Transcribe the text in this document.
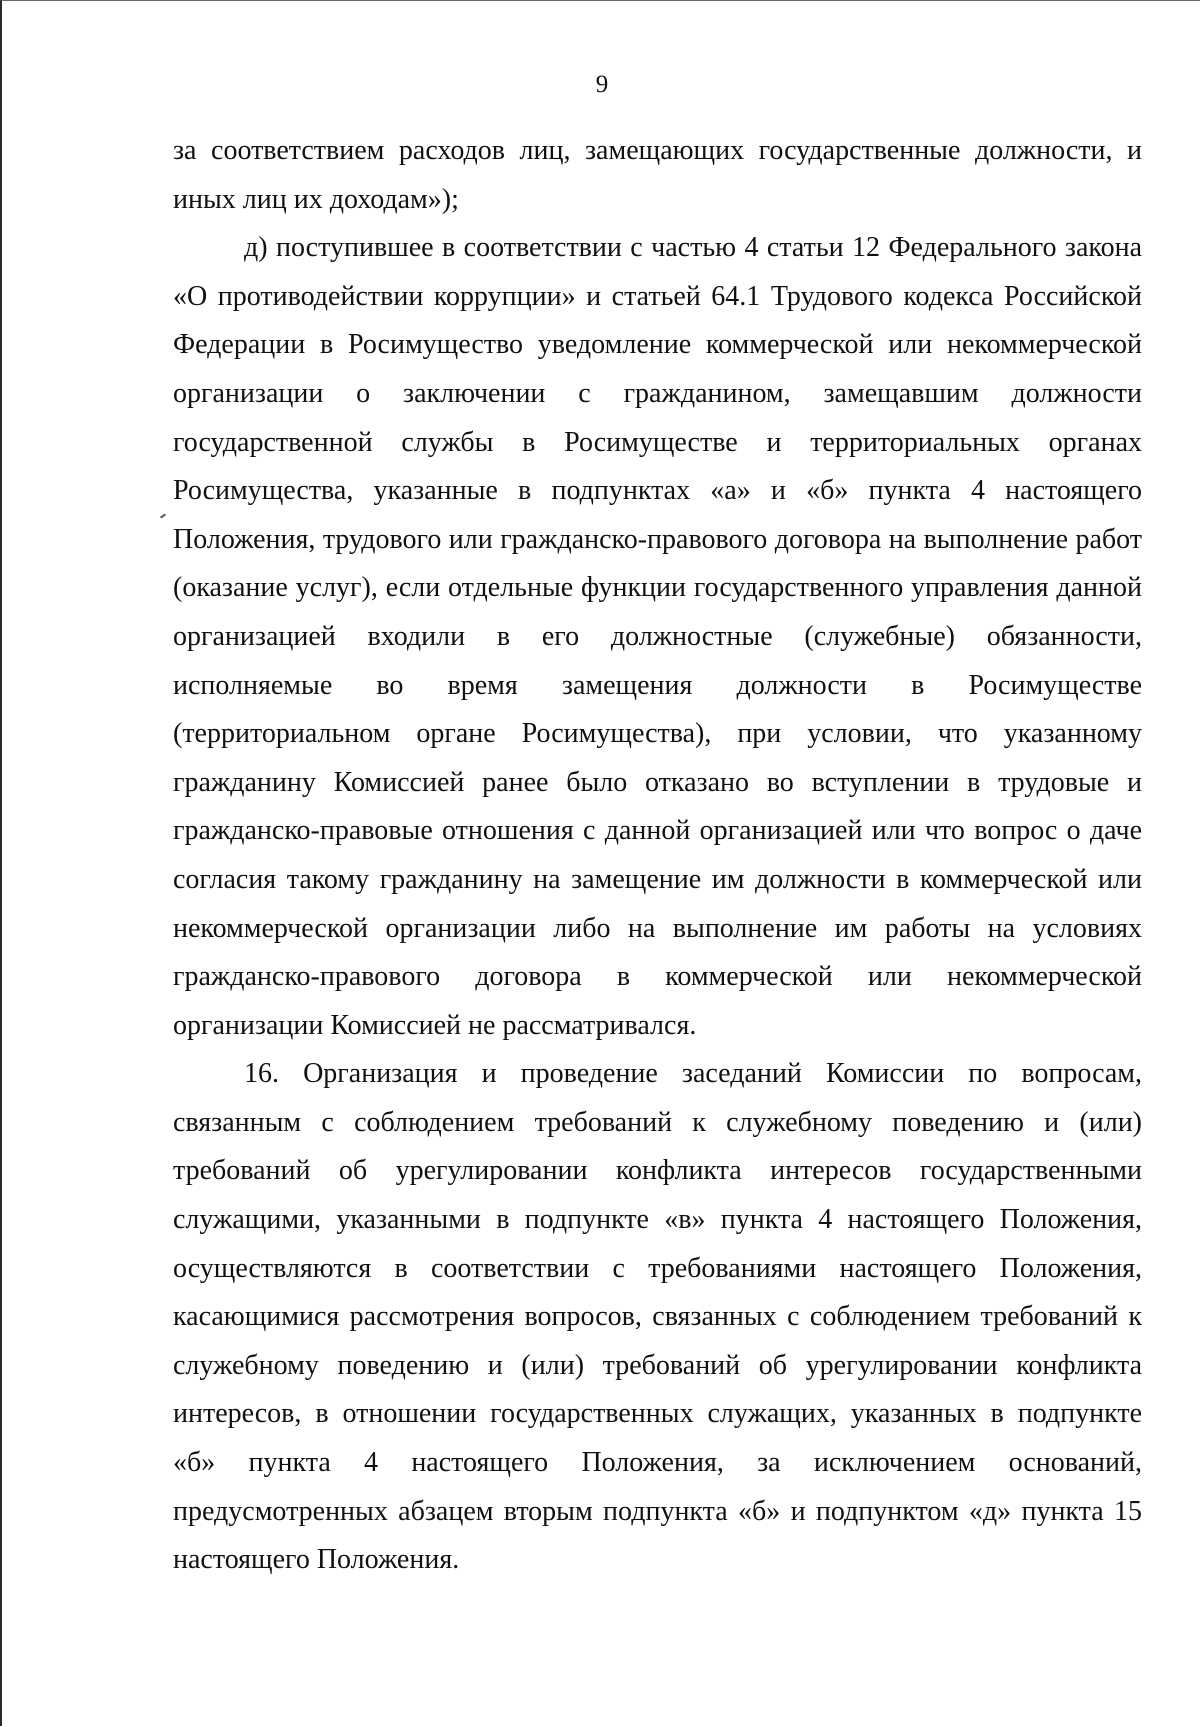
9

за соответствием расходов лиц, замещающих государственные должности, и иных лиц их доходам»);

д) поступившее в соответствии с частью 4 статьи 12 Федерального закона «О противодействии коррупции» и статьей 64.1 Трудового кодекса Российской Федерации в Росимущество уведомление коммерческой или некоммерческой организации о заключении с гражданином, замещавшим должности государственной службы в Росимуществе и территориальных органах Росимущества, указанные в подпунктах «а» и «б» пункта 4 настоящего Положения, трудового или гражданско-правового договора на выполнение работ (оказание услуг), если отдельные функции государственного управления данной организацией входили в его должностные (служебные) обязанности, исполняемые во время замещения должности в Росимуществе (территориальном органе Росимущества), при условии, что указанному гражданину Комиссией ранее было отказано во вступлении в трудовые и гражданско-правовые отношения с данной организацией или что вопрос о даче согласия такому гражданину на замещение им должности в коммерческой или некоммерческой организации либо на выполнение им работы на условиях гражданско-правового договора в коммерческой или некоммерческой организации Комиссией не рассматривался.

16. Организация и проведение заседаний Комиссии по вопросам, связанным с соблюдением требований к служебному поведению и (или) требований об урегулировании конфликта интересов государственными служащими, указанными в подпункте «в» пункта 4 настоящего Положения, осуществляются в соответствии с требованиями настоящего Положения, касающимися рассмотрения вопросов, связанных с соблюдением требований к служебному поведению и (или) требований об урегулировании конфликта интересов, в отношении государственных служащих, указанных в подпункте «б» пункта 4 настоящего Положения, за исключением оснований, предусмотренных абзацем вторым подпункта «б» и подпунктом «д» пункта 15 настоящего Положения.
